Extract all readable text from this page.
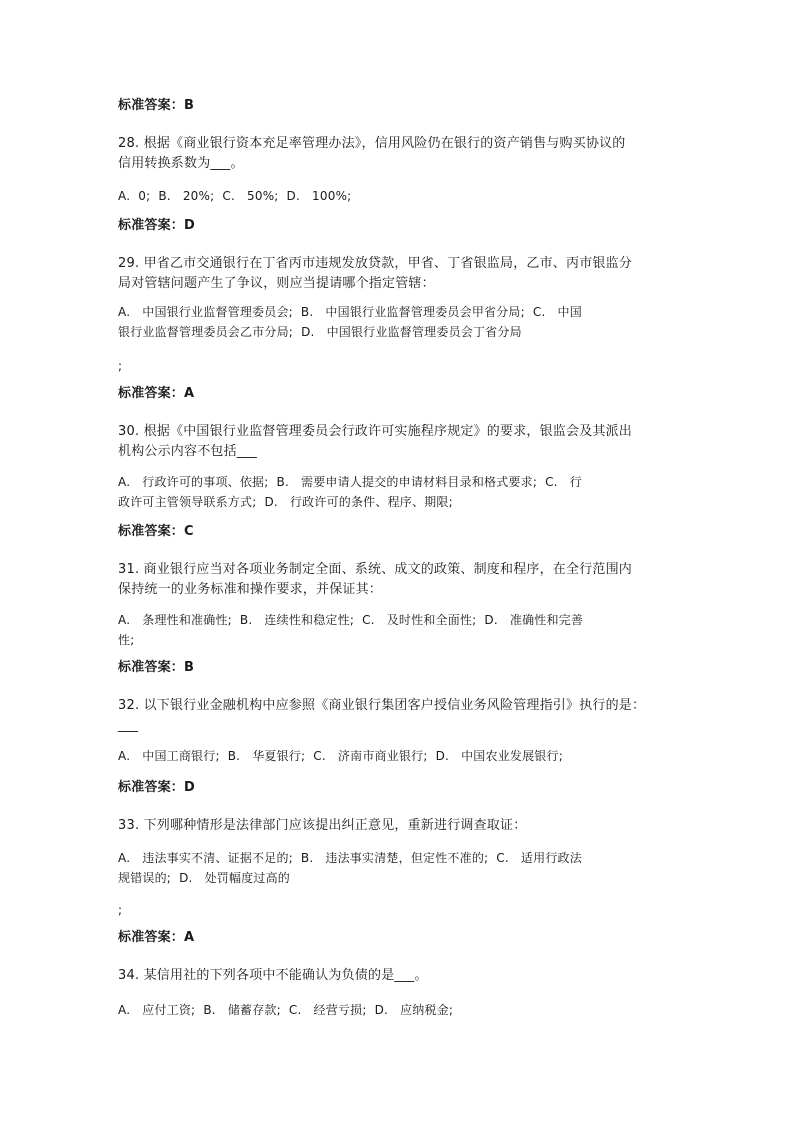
标准答案：B

28. 根据《商业银行资本充足率管理办法》，信用风险仍在银行的资产销售与购买协议的
信用转换系数为___。

A.  0;  B.   20%;  C.   50%;  D.   100%;

标准答案：D

29. 甲省乙市交通银行在丁省丙市违规发放贷款，甲省、丁省银监局，乙市、丙市银监分
局对管辖问题产生了争议，则应当提请哪个指定管辖：

A.   中国银行业监督管理委员会;  B.   中国银行业监督管理委员会甲省分局;  C.   中国
银行业监督管理委员会乙市分局;  D.   中国银行业监督管理委员会丁省分局

;

标准答案：A

30. 根据《中国银行业监督管理委员会行政许可实施程序规定》的要求，银监会及其派出
机构公示内容不包括___

A.   行政许可的事项、依据;  B.   需要申请人提交的申请材料目录和格式要求;  C.   行
政许可主管领导联系方式;  D.   行政许可的条件、程序、期限;

标准答案：C

31. 商业银行应当对各项业务制定全面、系统、成文的政策、制度和程序，在全行范围内
保持统一的业务标准和操作要求，并保证其：

A.   条理性和准确性;  B.   连续性和稳定性;  C.   及时性和全面性;  D.   准确性和完善
性;

标准答案：B

32. 以下银行业金融机构中应参照《商业银行集团客户授信业务风险管理指引》执行的是：
___

A.   中国工商银行;  B.   华夏银行;  C.   济南市商业银行;  D.   中国农业发展银行;

标准答案：D

33. 下列哪种情形是法律部门应该提出纠正意见，重新进行调查取证：

A.   违法事实不清、证据不足的;  B.   违法事实清楚，但定性不准的;  C.   适用行政法
规错误的;  D.   处罚幅度过高的

;

标准答案：A

34. 某信用社的下列各项中不能确认为负债的是___。

A.   应付工资;  B.   储蓄存款;  C.   经营亏损;  D.   应纳税金;
